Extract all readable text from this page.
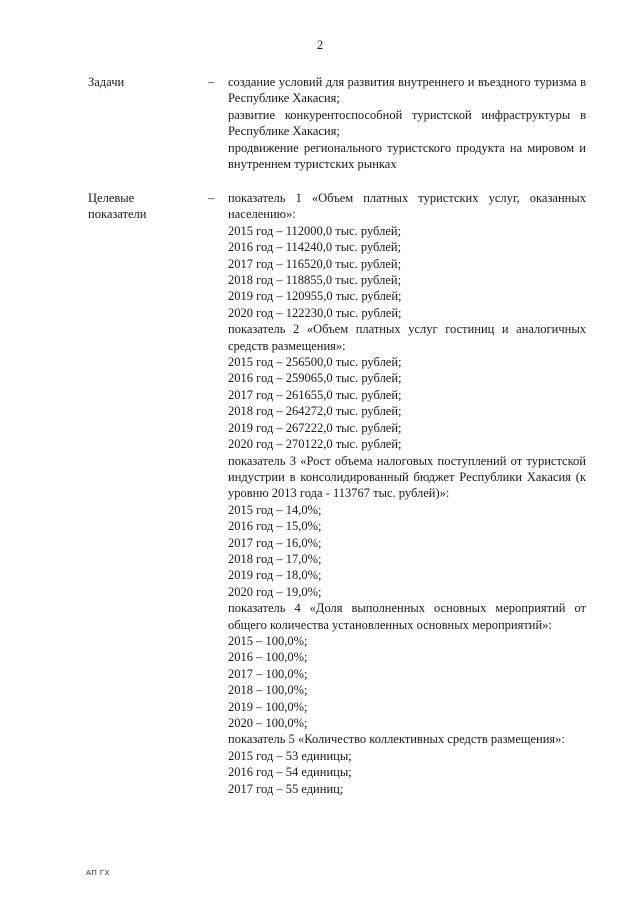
2
Задачи	– создание условий для развития внутреннего и въездного туризма в Республике Хакасия;
развитие конкурентоспособной туристской инфраструктуры в Республике Хакасия;
продвижение регионального туристского продукта на мировом и внутреннем туристских рынках
Целевые
показатели
– показатель 1 «Объем платных туристских услуг, оказанных населению»:
2015 год – 112000,0 тыс. рублей;
2016 год – 114240,0 тыс. рублей;
2017 год – 116520,0 тыс. рублей;
2018 год – 118855,0 тыс. рублей;
2019 год – 120955,0 тыс. рублей;
2020 год – 122230,0 тыс. рублей;
показатель 2 «Объем платных услуг гостиниц и аналогичных средств размещения»:
2015 год – 256500,0 тыс. рублей;
2016 год – 259065,0 тыс. рублей;
2017 год – 261655,0 тыс. рублей;
2018 год – 264272,0 тыс. рублей;
2019 год – 267222,0 тыс. рублей;
2020 год – 270122,0 тыс. рублей;
показатель 3 «Рост объема налоговых поступлений от туристской индустрии в консолидированный бюджет Республики Хакасия (к уровню 2013 года - 113767 тыс. рублей)»:
2015 год – 14,0%;
2016 год – 15,0%;
2017 год – 16,0%;
2018 год – 17,0%;
2019 год – 18,0%;
2020 год – 19,0%;
показатель 4 «Доля выполненных основных мероприятий от общего количества установленных основных мероприятий»:
2015 – 100,0%;
2016 – 100,0%;
2017 – 100,0%;
2018 – 100,0%;
2019 – 100,0%;
2020 – 100,0%;
показатель 5 «Количество коллективных средств размещения»:
2015 год – 53 единицы;
2016 год – 54 единицы;
2017 год – 55 единиц;
АП ГХ
